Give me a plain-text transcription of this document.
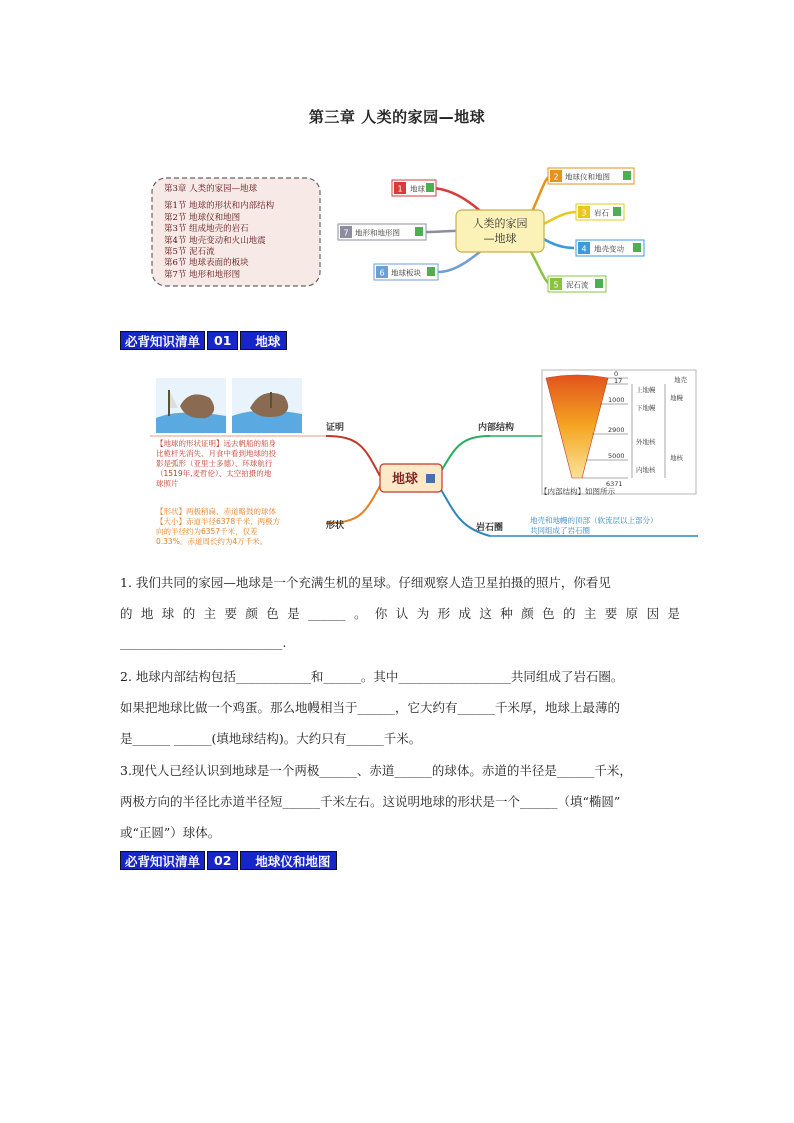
第三章 人类的家园—地球
第3章 人类的家园—地球
第1节 地球的形状和内部结构
第2节 地球仪和地图
第3节 组成地壳的岩石
第4节 地壳变动和火山地震
第5节 泥石流
第6节 地球表面的板块
第7节 地形和地形图
人类的家园
—地球
1 地球
7 地形和地形图
6 地球板块
2 地球仪和地图
3 岩石
4 地壳变动
5 泥石流
必背知识清单	01	地球
地球
证明
【地球的形状证明】远去帆船的船身
比桅杆先消失、月食中看到地球的投
影是弧形（亚里士多德）、环球航行
（1519年,麦哲伦）、太空拍摄的地
球照片
形状
【形状】两极稍扁、赤道略鼓的球体
【大小】赤道半径6378千米、两极方
向的半径约为6357千米，仅差
0.33%。赤道周长约为4万千米。
内部结构
0
17
1000
2900
5000
6371
上地幔
下地幔
外地核
内地核
地壳
地幔
地核
【内部结构】如图所示
岩石圈
地壳和地幔的顶部（软流层以上部分）
共同组成了岩石圈
1. 我们共同的家园—地球是一个充满生机的星球。仔细观察人造卫星拍摄的照片，你看见
的地球的主要颜色是______。你认为形成这种颜色的主要原因是
__________________________.
2. 地球内部结构包括____________和______。其中__________________共同组成了岩石圈。
如果把地球比做一个鸡蛋。那么地幔相当于______，它大约有______千米厚，地球上最薄的
是______ ______(填地球结构)。大约只有______千米。
3.现代人已经认识到地球是一个两极______、赤道______的球体。赤道的半径是______千米，
两极方向的半径比赤道半径短______千米左右。这说明地球的形状是一个______（填“椭圆”
或“正圆”）球体。
必背知识清单	02	地球仪和地图
